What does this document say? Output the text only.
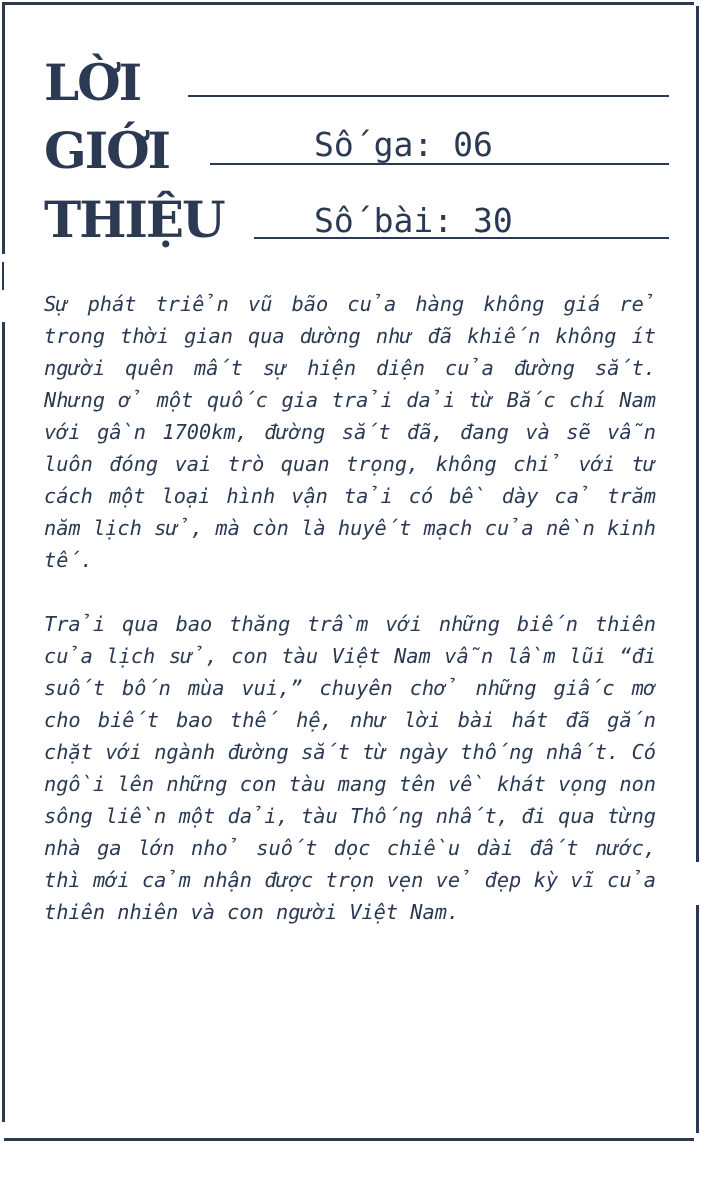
LỜI
GIỚI
THIỆU
Số ga: 06
Số bài: 30

Sự phát triển vũ bão của hàng không giá rẻ trong thời gian qua dường như đã khiến không ít người quên mất sự hiện diện của đường sắt. Nhưng ở một quốc gia trải dải từ Bắc chí Nam với gần 1700km, đường sắt đã, đang và sẽ vẫn luôn đóng vai trò quan trọng, không chỉ với tư cách một loại hình vận tải có bề dày cả trăm năm lịch sử, mà còn là huyết mạch của nền kinh tế.

Trải qua bao thăng trầm với những biến thiên của lịch sử, con tàu Việt Nam vẫn lầm lũi “đi suốt bốn mùa vui,” chuyên chở những giấc mơ cho biết bao thế hệ, như lời bài hát đã gắn chặt với ngành đường sắt từ ngày thống nhất. Có ngồi lên những con tàu mang tên về khát vọng non sông liền một dải, tàu Thống nhất, đi qua từng nhà ga lớn nhỏ suốt dọc chiều dài đất nước, thì mới cảm nhận được trọn vẹn vẻ đẹp kỳ vĩ của thiên nhiên và con người Việt Nam.
